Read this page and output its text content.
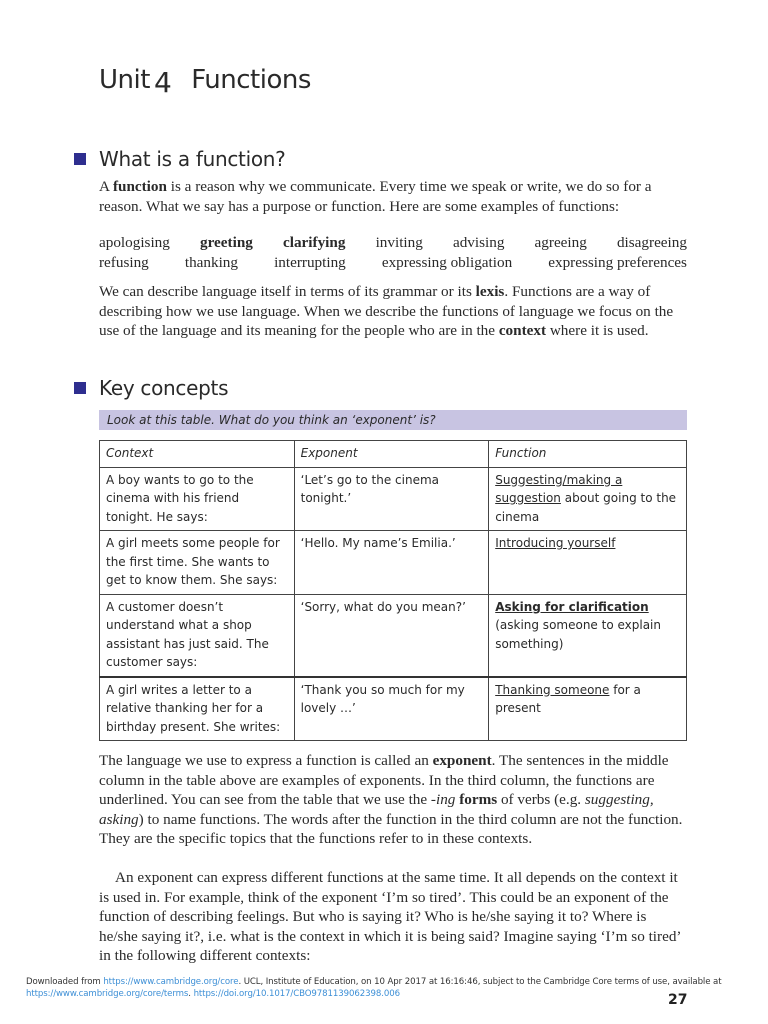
Unit 4 Functions
What is a function?
A function is a reason why we communicate. Every time we speak or write, we do so for a reason. What we say has a purpose or function. Here are some examples of functions:
apologising greeting clarifying inviting advising agreeing disagreeing
refusing thanking interrupting expressing obligation expressing preferences
We can describe language itself in terms of its grammar or its lexis. Functions are a way of describing how we use language. When we describe the functions of language we focus on the use of the language and its meaning for the people who are in the context where it is used.
Key concepts
Look at this table. What do you think an ‘exponent’ is?
Context	Exponent	Function
A boy wants to go to the cinema with his friend tonight. He says:	‘Let’s go to the cinema tonight.’	Suggesting/making a suggestion about going to the cinema
A girl meets some people for the first time. She wants to get to know them. She says:	‘Hello. My name’s Emilia.’	Introducing yourself
A customer doesn’t understand what a shop assistant has just said. The customer says:	‘Sorry, what do you mean?’	Asking for clarification
(asking someone to explain something)
A girl writes a letter to a relative thanking her for a birthday present. She writes:	‘Thank you so much for my lovely …’	Thanking someone for a present
The language we use to express a function is called an exponent. The sentences in the middle column in the table above are examples of exponents. In the third column, the functions are underlined. You can see from the table that we use the -ing forms of verbs (e.g. suggesting, asking) to name functions. The words after the function in the third column are not the function. They are the specific topics that the functions refer to in these contexts.
An exponent can express different functions at the same time. It all depends on the context it is used in. For example, think of the exponent ‘I’m so tired’. This could be an exponent of the function of describing feelings. But who is saying it? Who is he/she saying it to? Where is he/she saying it?, i.e. what is the context in which it is being said? Imagine saying ‘I’m so tired’ in the following different contexts:
Downloaded from https://www.cambridge.org/core. UCL, Institute of Education, on 10 Apr 2017 at 16:16:46, subject to the Cambridge Core terms of use, available at
https://www.cambridge.org/core/terms. https://doi.org/10.1017/CBO9781139062398.006	27
